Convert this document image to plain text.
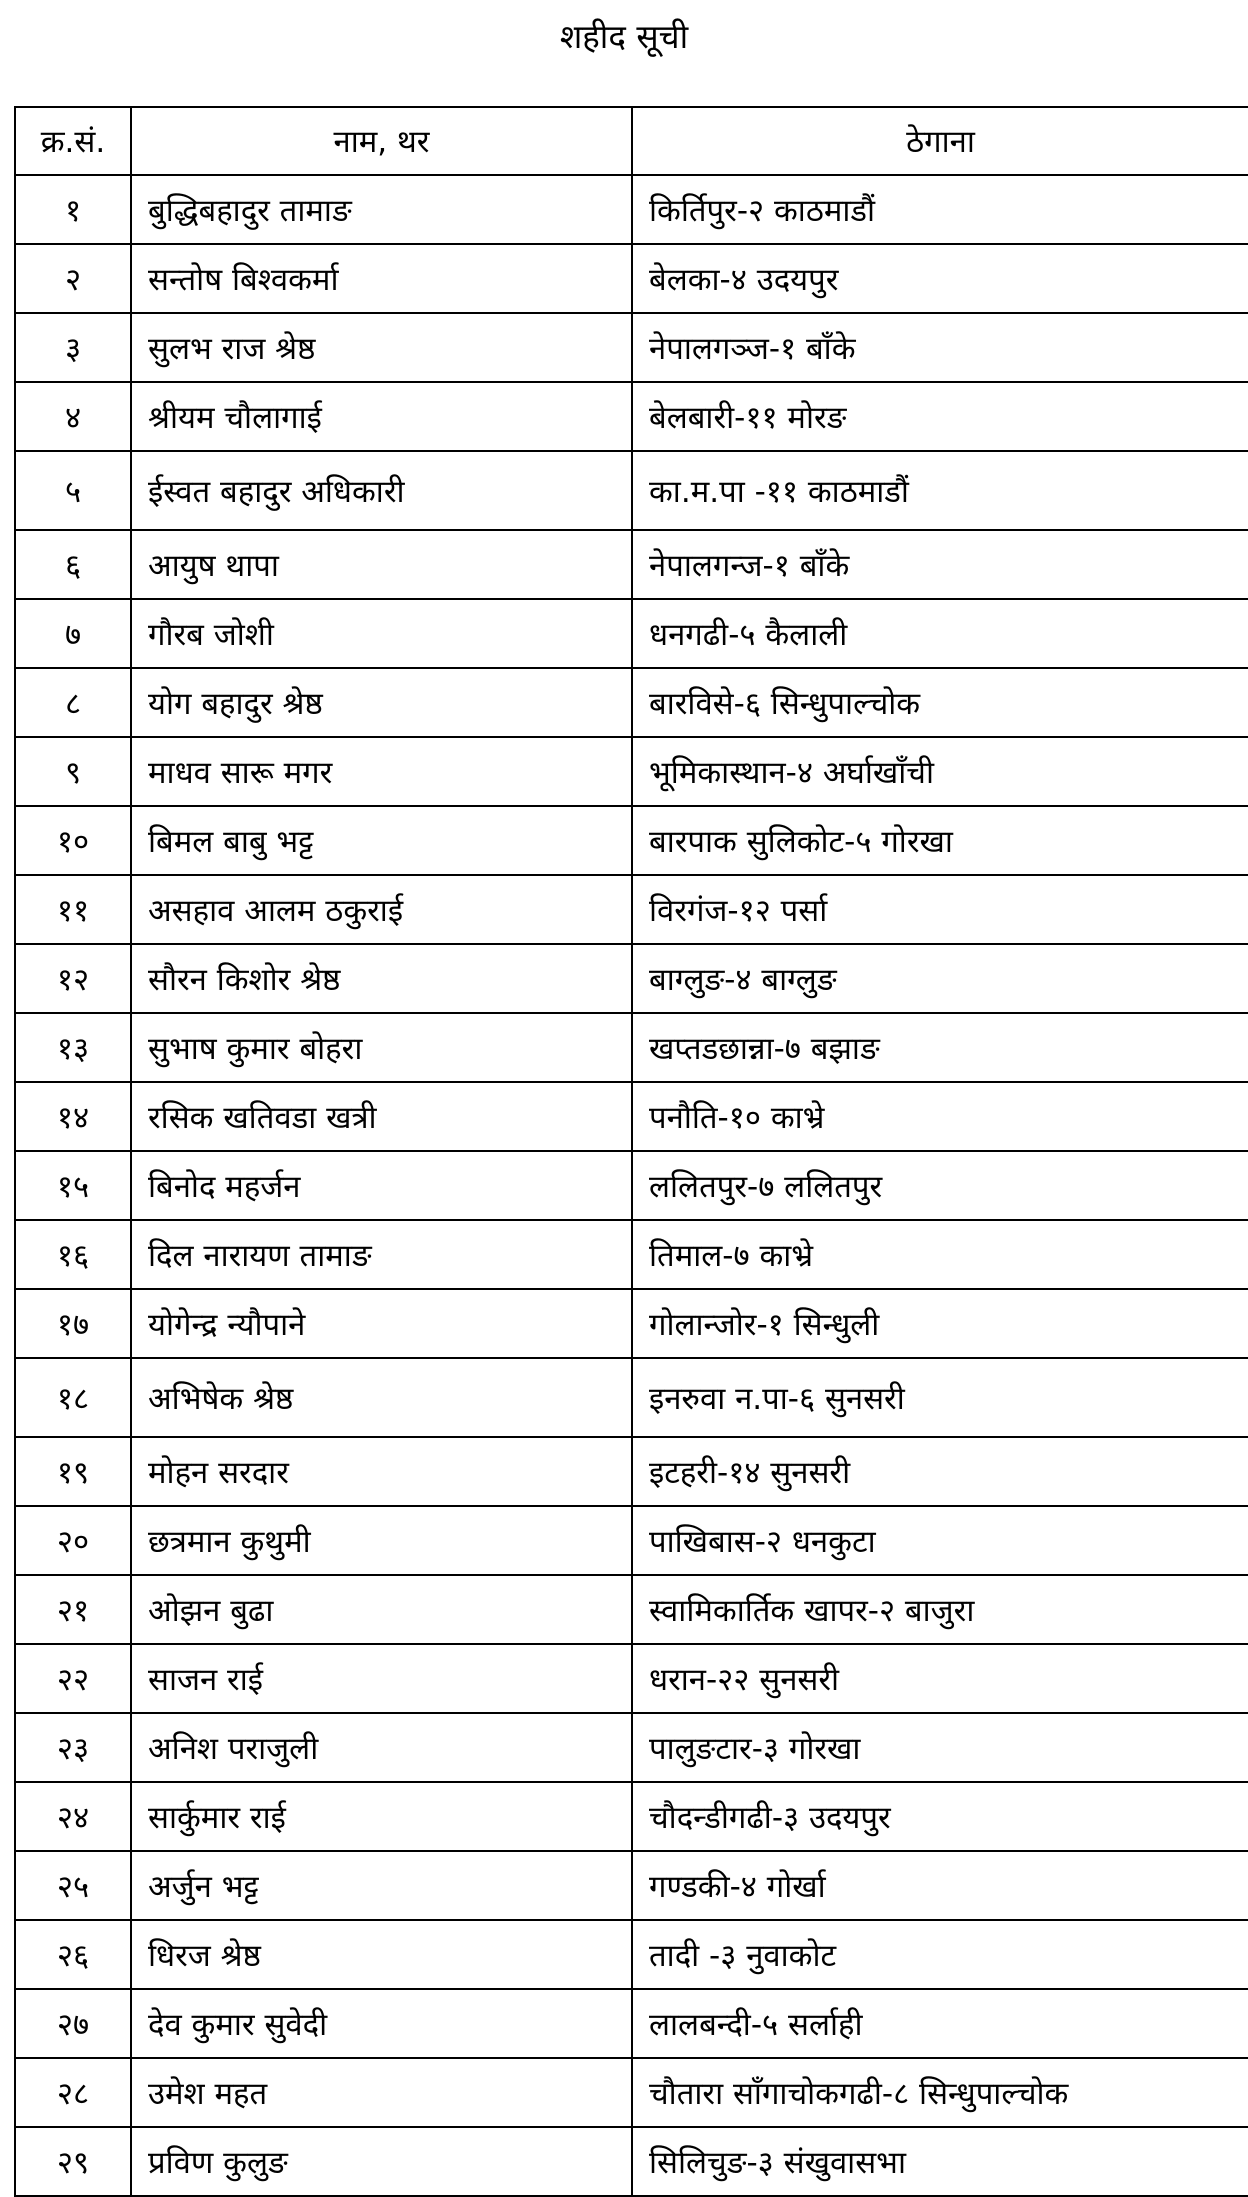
शहीद सूची
क्र.सं.	नाम, थर	ठेगाना
१	बुद्धिबहादुर तामाङ	किर्तिपुर-२ काठमाडौं
२	सन्तोष बिश्वकर्मा	बेलका-४ उदयपुर
३	सुलभ राज श्रेष्ठ	नेपालगञ्ज-१ बाँके
४	श्रीयम चौलागाई	बेलबारी-११ मोरङ
५	ईस्वत बहादुर अधिकारी	का.म.पा -११ काठमाडौं
६	आयुष थापा	नेपालगन्ज-१ बाँके
७	गौरब जोशी	धनगढी-५ कैलाली
८	योग बहादुर श्रेष्ठ	बारविसे-६ सिन्धुपाल्चोक
९	माधव सारू मगर	भूमिकास्थान-४ अर्घाखाँची
१०	बिमल बाबु भट्ट	बारपाक सुलिकोट-५ गोरखा
११	असहाव आलम ठकुराई	विरगंज-१२ पर्सा
१२	सौरन किशोर श्रेष्ठ	बाग्लुङ-४ बाग्लुङ
१३	सुभाष कुमार बोहरा	खप्तडछान्ना-७ बझाङ
१४	रसिक खतिवडा खत्री	पनौति-१० काभ्रे
१५	बिनोद महर्जन	ललितपुर-७ ललितपुर
१६	दिल नारायण तामाङ	तिमाल-७ काभ्रे
१७	योगेन्द्र न्यौपाने	गोलान्जोर-१ सिन्धुली
१८	अभिषेक श्रेष्ठ	इनरुवा न.पा-६ सुनसरी
१९	मोहन सरदार	इटहरी-१४ सुनसरी
२०	छत्रमान कुथुमी	पाखिबास-२ धनकुटा
२१	ओझन बुढा	स्वामिकार्तिक खापर-२ बाजुरा
२२	साजन राई	धरान-२२ सुनसरी
२३	अनिश पराजुली	पालुङटार-३ गोरखा
२४	सार्कुमार राई	चौदन्डीगढी-३ उदयपुर
२५	अर्जुन भट्ट	गण्डकी-४ गोर्खा
२६	धिरज श्रेष्ठ	तादी -३ नुवाकोट
२७	देव कुमार सुवेदी	लालबन्दी-५ सर्लाही
२८	उमेश महत	चौतारा साँगाचोकगढी-८ सिन्धुपाल्चोक
२९	प्रविण कुलुङ	सिलिचुङ-३ संखुवासभा
